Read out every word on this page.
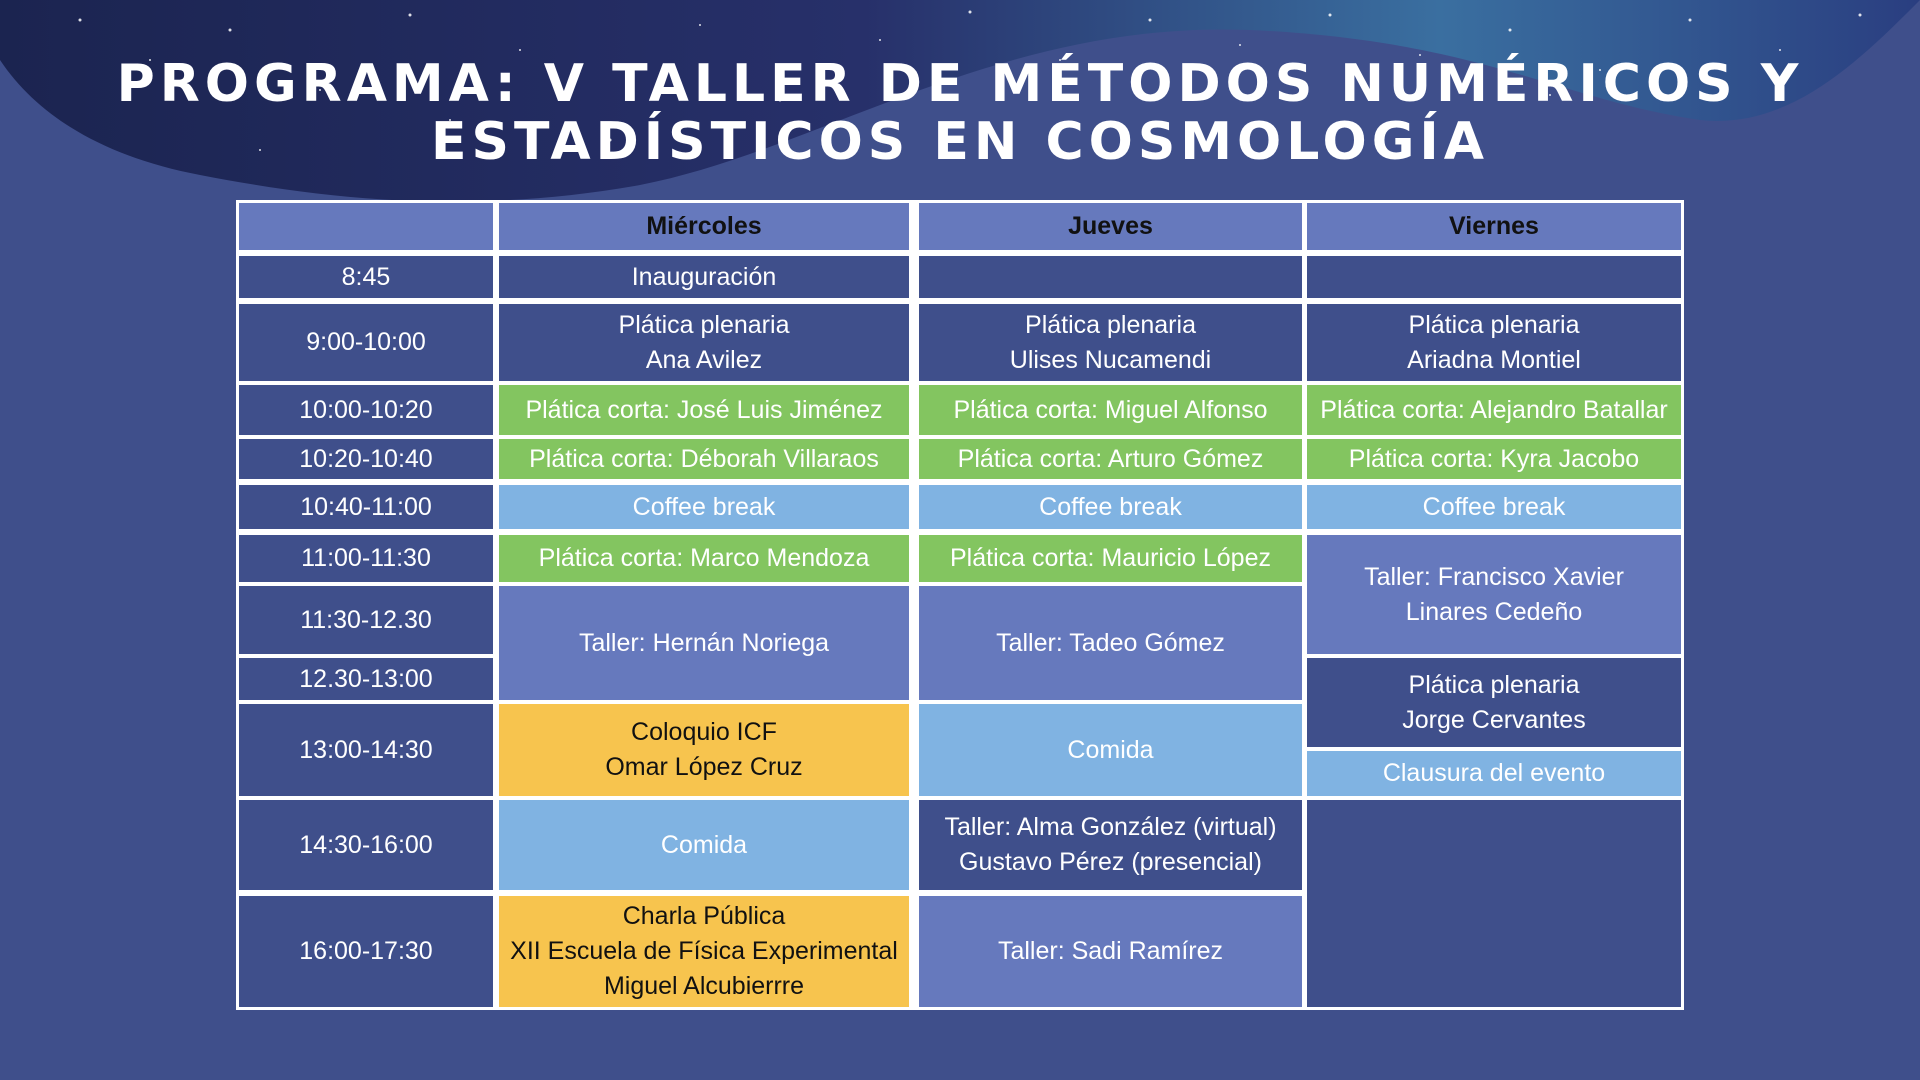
PROGRAMA: V TALLER DE MÉTODOS NUMÉRICOS Y
ESTADÍSTICOS EN COSMOLOGÍA
Miércoles	Jueves	Viernes
8:45
9:00-10:00
10:00-10:20
10:20-10:40
10:40-11:00
11:00-11:30
11:30-12.30
12.30-13:00
13:00-14:30
14:30-16:00
16:00-17:30
Inauguración
Plática plenaria
Ana Avilez
Plática corta: José Luis Jiménez
Plática corta: Déborah Villaraos
Coffee break
Plática corta: Marco Mendoza
Taller: Hernán Noriega
Coloquio ICF
Omar López Cruz
Comida
Charla Pública
XII Escuela de Física Experimental
Miguel Alcubierrre
Plática plenaria
Ulises Nucamendi
Plática corta: Miguel Alfonso
Plática corta: Arturo Gómez
Coffee break
Plática corta: Mauricio López
Taller: Tadeo Gómez
Comida
Taller: Alma González (virtual)
Gustavo Pérez (presencial)
Taller: Sadi Ramírez
Plática plenaria
Ariadna Montiel
Plática corta: Alejandro Batallar
Plática corta: Kyra Jacobo
Coffee break
Taller: Francisco Xavier
Linares Cedeño
Plática plenaria
Jorge Cervantes
Clausura del evento
